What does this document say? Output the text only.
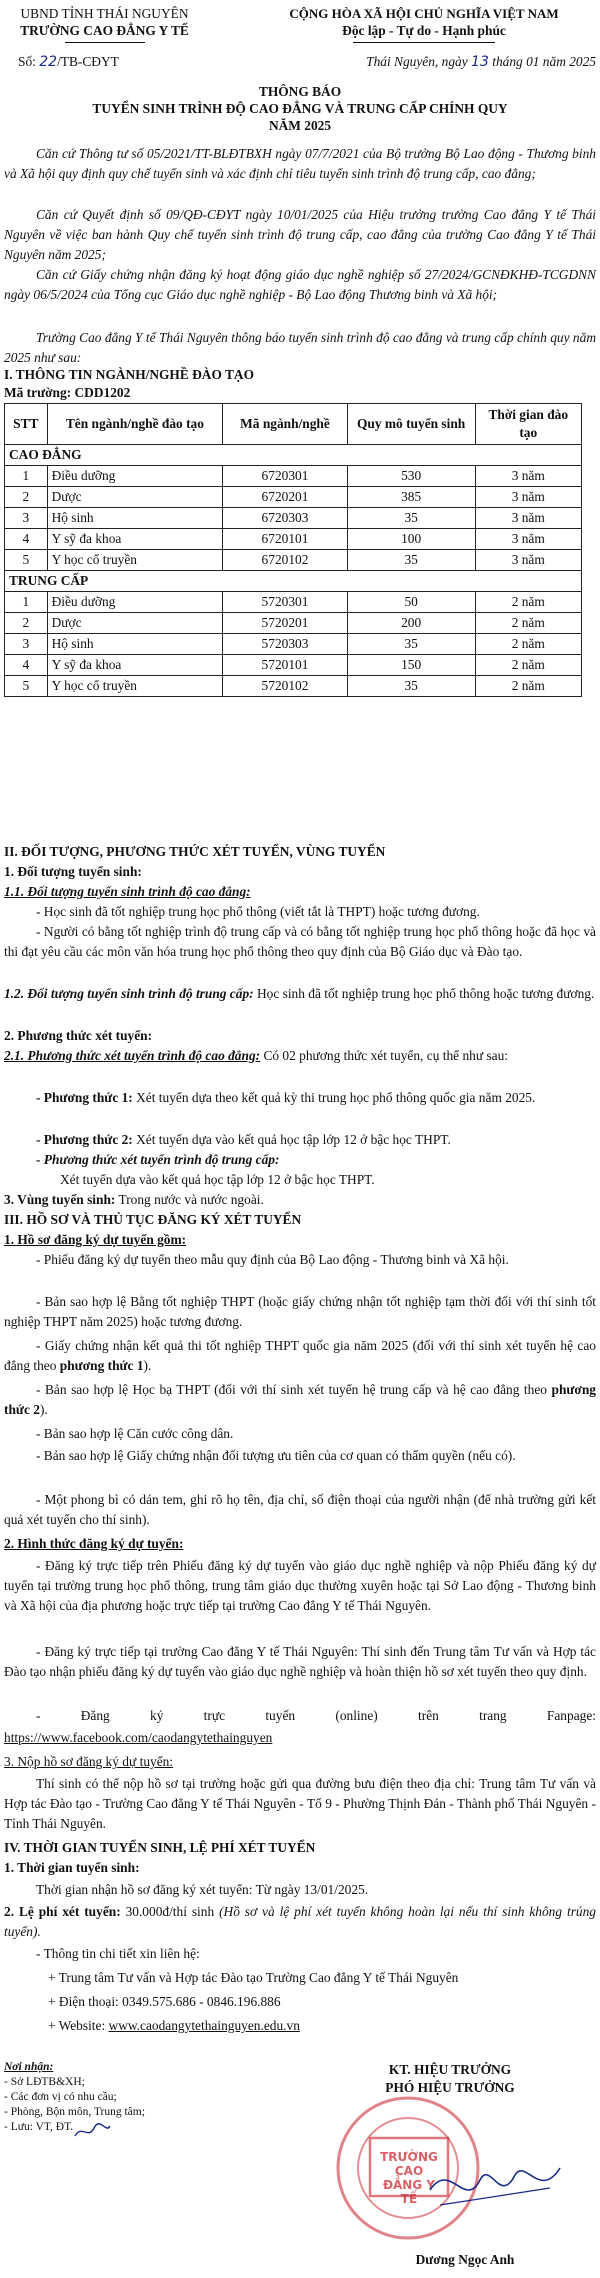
UBND TỈNH THÁI NGUYÊN
TRƯỜNG CAO ĐẲNG Y TẾ
CỘNG HÒA XÃ HỘI CHỦ NGHĨA VIỆT NAM
Độc lập - Tự do - Hạnh phúc
Số: 22/TB-CĐYT	Thái Nguyên, ngày 13 tháng 01 năm 2025
THÔNG BÁO
TUYỂN SINH TRÌNH ĐỘ CAO ĐẲNG VÀ TRUNG CẤP CHÍNH QUY
NĂM 2025
Căn cứ Thông tư số 05/2021/TT-BLĐTBXH ngày 07/7/2021 của Bộ trưởng Bộ Lao động - Thương binh và Xã hội quy định quy chế tuyển sinh và xác định chỉ tiêu tuyển sinh trình độ trung cấp, cao đẳng;
Căn cứ Quyết định số 09/QĐ-CĐYT ngày 10/01/2025 của Hiệu trưởng trường Cao đẳng Y tế Thái Nguyên về việc ban hành Quy chế tuyển sinh trình độ trung cấp, cao đẳng của trường Cao đẳng Y tế Thái Nguyên năm 2025;
Căn cứ Giấy chứng nhận đăng ký hoạt động giáo dục nghề nghiệp số 27/2024/GCNĐKHĐ-TCGDNN ngày 06/5/2024 của Tổng cục Giáo dục nghề nghiệp - Bộ Lao động Thương binh và Xã hội;
Trường Cao đẳng Y tế Thái Nguyên thông báo tuyển sinh trình độ cao đẳng và trung cấp chính quy năm 2025 như sau:
I. THÔNG TIN NGÀNH/NGHỀ ĐÀO TẠO
Mã trường: CDD1202
STT	Tên ngành/nghề đào tạo	Mã ngành/nghề	Quy mô tuyển sinh	Thời gian đào tạo
CAO ĐẲNG				
1	Điều dưỡng	6720301	530	3 năm
2	Dược	6720201	385	3 năm
3	Hộ sinh	6720303	35	3 năm
4	Y sỹ đa khoa	6720101	100	3 năm
5	Y học cổ truyền	6720102	35	3 năm
TRUNG CẤP				
1	Điều dưỡng	5720301	50	2 năm
2	Dược	5720201	200	2 năm
3	Hộ sinh	5720303	35	2 năm
4	Y sỹ đa khoa	5720101	150	2 năm
5	Y học cổ truyền	5720102	35	2 năm
II. ĐỐI TƯỢNG, PHƯƠNG THỨC XÉT TUYỂN, VÙNG TUYỂN
1. Đối tượng tuyển sinh:
1.1. Đối tượng tuyển sinh trình độ cao đẳng:
- Học sinh đã tốt nghiệp trung học phổ thông (viết tắt là THPT) hoặc tương đương.
- Người có bằng tốt nghiệp trình độ trung cấp và có bằng tốt nghiệp trung học phổ thông hoặc đã học và thi đạt yêu cầu các môn văn hóa trung học phổ thông theo quy định của Bộ Giáo dục và Đào tạo.
1.2. Đối tượng tuyển sinh trình độ trung cấp: Học sinh đã tốt nghiệp trung học phổ thông hoặc tương đương.
2. Phương thức xét tuyển:
2.1. Phương thức xét tuyển trình độ cao đẳng: Có 02 phương thức xét tuyển, cụ thể như sau:
- Phương thức 1: Xét tuyển dựa theo kết quả kỳ thi trung học phổ thông quốc gia năm 2025.
- Phương thức 2: Xét tuyển dựa vào kết quả học tập lớp 12 ở bậc học THPT.
- Phương thức xét tuyển trình độ trung cấp:
Xét tuyển dựa vào kết quả học tập lớp 12 ở bậc học THPT.
3. Vùng tuyển sinh: Trong nước và nước ngoài.
III. HỒ SƠ VÀ THỦ TỤC ĐĂNG KÝ XÉT TUYỂN
1. Hồ sơ đăng ký dự tuyển gồm:
- Phiếu đăng ký dự tuyển theo mẫu quy định của Bộ Lao động - Thương binh và Xã hội.
- Bản sao hợp lệ Bằng tốt nghiệp THPT (hoặc giấy chứng nhận tốt nghiệp tạm thời đối với thí sinh tốt nghiệp THPT năm 2025) hoặc tương đương.
- Giấy chứng nhận kết quả thi tốt nghiệp THPT quốc gia năm 2025 (đối với thí sinh xét tuyển hệ cao đẳng theo phương thức 1).
- Bản sao hợp lệ Học bạ THPT (đối với thí sinh xét tuyển hệ trung cấp và hệ cao đẳng theo phương thức 2).
- Bản sao hợp lệ Căn cước công dân.
- Bản sao hợp lệ Giấy chứng nhận đối tượng ưu tiên của cơ quan có thẩm quyền (nếu có).
- Một phong bì có dán tem, ghi rõ họ tên, địa chỉ, số điện thoại của người nhận (để nhà trường gửi kết quả xét tuyển cho thí sinh).
2. Hình thức đăng ký dự tuyển:
- Đăng ký trực tiếp trên Phiếu đăng ký dự tuyển vào giáo dục nghề nghiệp và nộp Phiếu đăng ký dự tuyển tại trường trung học phổ thông, trung tâm giáo dục thường xuyên hoặc tại Sở Lao động - Thương binh và Xã hội của địa phương hoặc trực tiếp tại trường Cao đẳng Y tế Thái Nguyên.
- Đăng ký trực tiếp tại trường Cao đẳng Y tế Thái Nguyên: Thí sinh đến Trung tâm Tư vấn và Hợp tác Đào tạo nhận phiếu đăng ký dự tuyển vào giáo dục nghề nghiệp và hoàn thiện hồ sơ xét tuyển theo quy định.
- Đăng ký trực tuyến (online) trên trang Fanpage:
https://www.facebook.com/caodangytethainguyen
3. Nộp hồ sơ đăng ký dự tuyển:
Thí sinh có thể nộp hồ sơ tại trường hoặc gửi qua đường bưu điện theo địa chỉ: Trung tâm Tư vấn và Hợp tác Đào tạo - Trường Cao đẳng Y tế Thái Nguyên - Tổ 9 - Phường Thịnh Đán - Thành phố Thái Nguyên - Tỉnh Thái Nguyên.
IV. THỜI GIAN TUYỂN SINH, LỆ PHÍ XÉT TUYỂN
1. Thời gian tuyển sinh:
Thời gian nhận hồ sơ đăng ký xét tuyển: Từ ngày 13/01/2025.
2. Lệ phí xét tuyển: 30.000đ/thí sinh (Hồ sơ và lệ phí xét tuyển không hoàn lại nếu thí sinh không trúng tuyển).
- Thông tin chi tiết xin liên hệ:
+ Trung tâm Tư vấn và Hợp tác Đào tạo Trường Cao đẳng Y tế Thái Nguyên
+ Điện thoại: 0349.575.686 - 0846.196.886
+ Website: www.caodangytethainguyen.edu.vn
Nơi nhận:
- Sở LĐTB&XH;
- Các đơn vị có nhu cầu;
- Phòng, Bộn môn, Trung tâm;
- Lưu: VT, ĐT.
KT. HIỆU TRƯỞNG
PHÓ HIỆU TRƯỞNG
TRƯỜNG CAO ĐẲNG Y TẾ
Dương Ngọc Anh
